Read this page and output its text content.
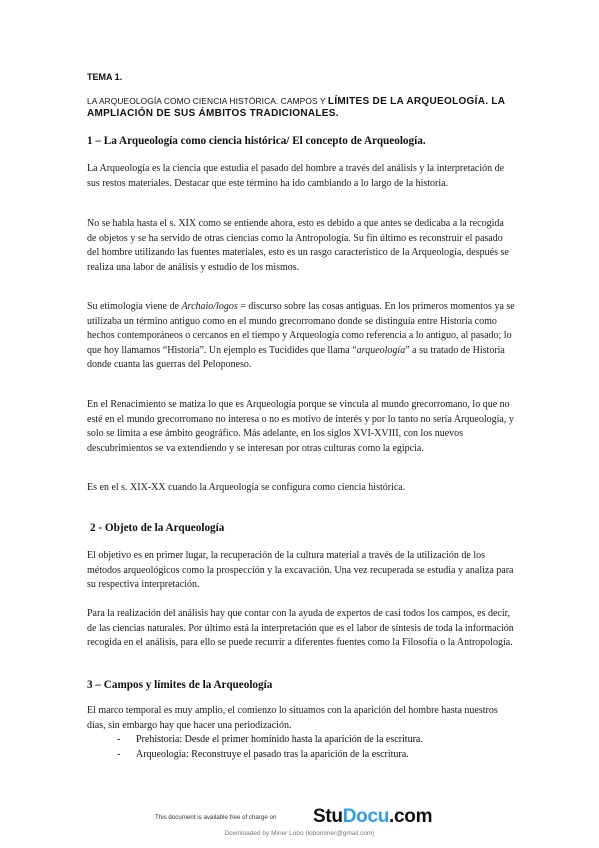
TEMA 1.
LA ARQUEOLOGÍA COMO CIENCIA HISTÓRICA. CAMPOS Y LÍMITES DE LA ARQUEOLOGÍA. LA AMPLIACIÓN DE SUS ÁMBITOS TRADICIONALES.
1 – La Arqueología como ciencia histórica/ El concepto de Arqueología.

La Arqueología es la ciencia que estudia el pasado del hombre a través del análisis y la interpretación de sus restos materiales. Destacar que este término ha ido cambiando a lo largo de la historia.

No se habla hasta el s. XIX como se entiende ahora, esto es debido a que antes se dedicaba a la recogida de objetos y se ha servido de otras ciencias como la Antropología. Su fin último es reconstruir el pasado del hombre utilizando las fuentes materiales, esto es un rasgo característico de la Arqueología, después se realiza una labor de análisis y estudio de los mismos.

Su etimología viene de Archaio/logos = discurso sobre las cosas antiguas. En los primeros momentos ya se utilizaba un término antiguo como en el mundo grecorromano donde se distinguía entre Historia como hechos contemporáneos o cercanos en el tiempo y Arqueología como referencia a lo antiguo, al pasado; lo que hoy llamamos “Historia”. Un ejemplo es Tucídides que llama “arqueología” a su tratado de Historia donde cuanta las guerras del Peloponeso.

En el Renacimiento se matiza lo que es Arqueología porque se vincula al mundo grecorromano, lo que no esté en el mundo grecorromano no interesa o no es motivo de interés y por lo tanto no sería Arqueología, y solo se limita a ese ámbito geográfico. Más adelante, en los siglos XVI-XVIII, con los nuevos descubrimientos se va extendiendo y se interesan por otras culturas como la egipcia.

Es en el s. XIX-XX cuando la Arqueología se configura como ciencia histórica.

2 - Objeto de la Arqueología

El objetivo es en primer lugar, la recuperación de la cultura material a través de la utilización de los métodos arqueológicos como la prospección y la excavación. Una vez recuperada se estudia y analiza para su respectiva interpretación.

Para la realización del análisis hay que contar con la ayuda de expertos de casi todos los campos, es decir, de las ciencias naturales. Por último está la interpretación que es el labor de síntesis de toda la información recogida en el análisis, para ello se puede recurrir a diferentes fuentes como la Filosofía o la Antropología.

3 – Campos y límites de la Arqueología

El marco temporal es muy amplio, el comienzo lo situamos con la aparición del hombre hasta nuestros días, sin embargo hay que hacer una periodización.

- Prehistoria: Desde el primer homínido hasta la aparición de la escritura.
- Arqueología: Reconstruye el pasado tras la aparición de la escritura.
This document is available free of charge on StuDocu.com
Downloaded by Miner Lobo (lobominer@gmail.com)
